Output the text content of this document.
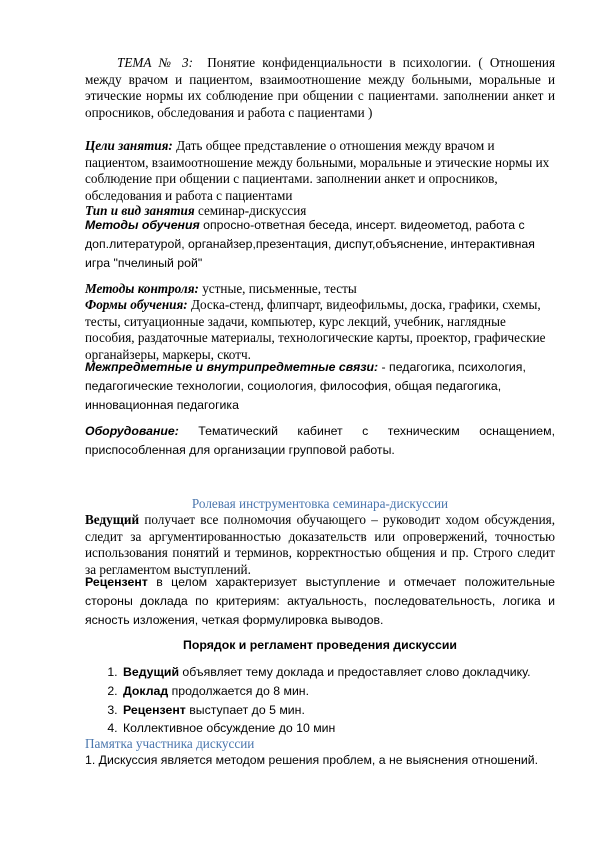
ТЕМА № 3: Понятие конфиденциальности в психологии. ( Отношения между врачом и пациентом, взаимоотношение между больными, моральные и этические нормы их соблюдение при общении с пациентами. заполнении анкет и опросников, обследования и работа с пациентами )
Цели занятия: Дать общее представление о отношения между врачом и пациентом, взаимоотношение между больными, моральные и этические нормы их соблюдение при общении с пациентами. заполнении анкет и опросников, обследования и работа с пациентами
Тип и вид занятия семинар-дискуссия
Методы обучения опросно-ответная беседа, инсерт. видеометод, работа с доп.литературой, органайзер,презентация, диспут,объяснение, интерактивная игра "пчелиный рой"
Методы контроля: устные, письменные, тесты
Формы обучения: Доска-стенд, флипчарт, видеофильмы, доска, графики, схемы, тесты, ситуационные задачи, компьютер, курс лекций, учебник, наглядные пособия, раздаточные материалы, технологические карты, проектор, графические органайзеры, маркеры, скотч.
Межпредметные и внутрипредметные связи: - педагогика, психология, педагогические технологии, социология, философия, общая педагогика, инновационная педагогика
Оборудование: Тематический кабинет с техническим оснащением, приспособленная для организации групповой работы.
Ролевая инструментовка семинара-дискуссии
Ведущий получает все полномочия обучающего – руководит ходом обсуждения, следит за аргументированностью доказательств или опровержений, точностью использования понятий и терминов, корректностью общения и пр. Строго следит за регламентом выступлений.
Рецензент в целом характеризует выступление и отмечает положительные стороны доклада по критериям: актуальность, последовательность, логика и ясность изложения, четкая формулировка выводов.
Порядок и регламент проведения дискуссии
1. Ведущий объявляет тему доклада и предоставляет слово докладчику.
2. Доклад продолжается до 8 мин.
3. Рецензент выступает до 5 мин.
4. Коллективное обсуждение до 10 мин
Памятка участника дискуссии
1. Дискуссия является методом решения проблем, а не выяснения отношений.
